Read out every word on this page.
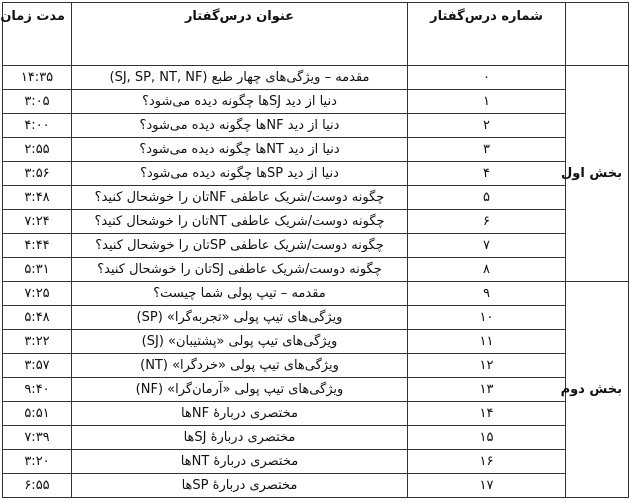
	شماره درس‌گفتار	عنوان درس‌گفتار	مدت زمان
بخش اول	۰	مقدمه – ویژگی‌های چهار طبع (SJ, SP, NT, NF)	۱۴:۳۵
	۱	دنیا از دید SJها چگونه دیده می‌شود؟	۳:۰۵
	۲	دنیا از دید NFها چگونه دیده می‌شود؟	۴:۰۰
	۳	دنیا از دید NTها چگونه دیده می‌شود؟	۲:۵۵
	۴	دنیا از دید SPها چگونه دیده می‌شود؟	۳:۵۶
	۵	چگونه دوست/شریک عاطفی NFتان را خوشحال کنید؟	۳:۴۸
	۶	چگونه دوست/شریک عاطفی NTتان را خوشحال کنید؟	۷:۲۴
	۷	چگونه دوست/شریک عاطفی SPتان را خوشحال کنید؟	۴:۴۴
	۸	چگونه دوست/شریک عاطفی SJتان را خوشحال کنید؟	۵:۳۱
بخش دوم	۹	مقدمه – تیپ پولی شما چیست؟	۷:۲۵
	۱۰	ویژگی‌های تیپ پولی «تجربه‌گرا» (SP)	۵:۴۸
	۱۱	ویژگی‌های تیپ پولی «پشتیبان» (SJ)	۳:۲۲
	۱۲	ویژگی‌های تیپ پولی «خردگرا» (NT)	۳:۵۷
	۱۳	ویژگی‌های تیپ پولی «آرمان‌گرا» (NF)	۹:۴۰
	۱۴	مختصری دربارهٔ NFها	۵:۵۱
	۱۵	مختصری دربارهٔ SJها	۷:۳۹
	۱۶	مختصری دربارهٔ NTها	۳:۲۰
	۱۷	مختصری دربارهٔ SPها	۶:۵۵
